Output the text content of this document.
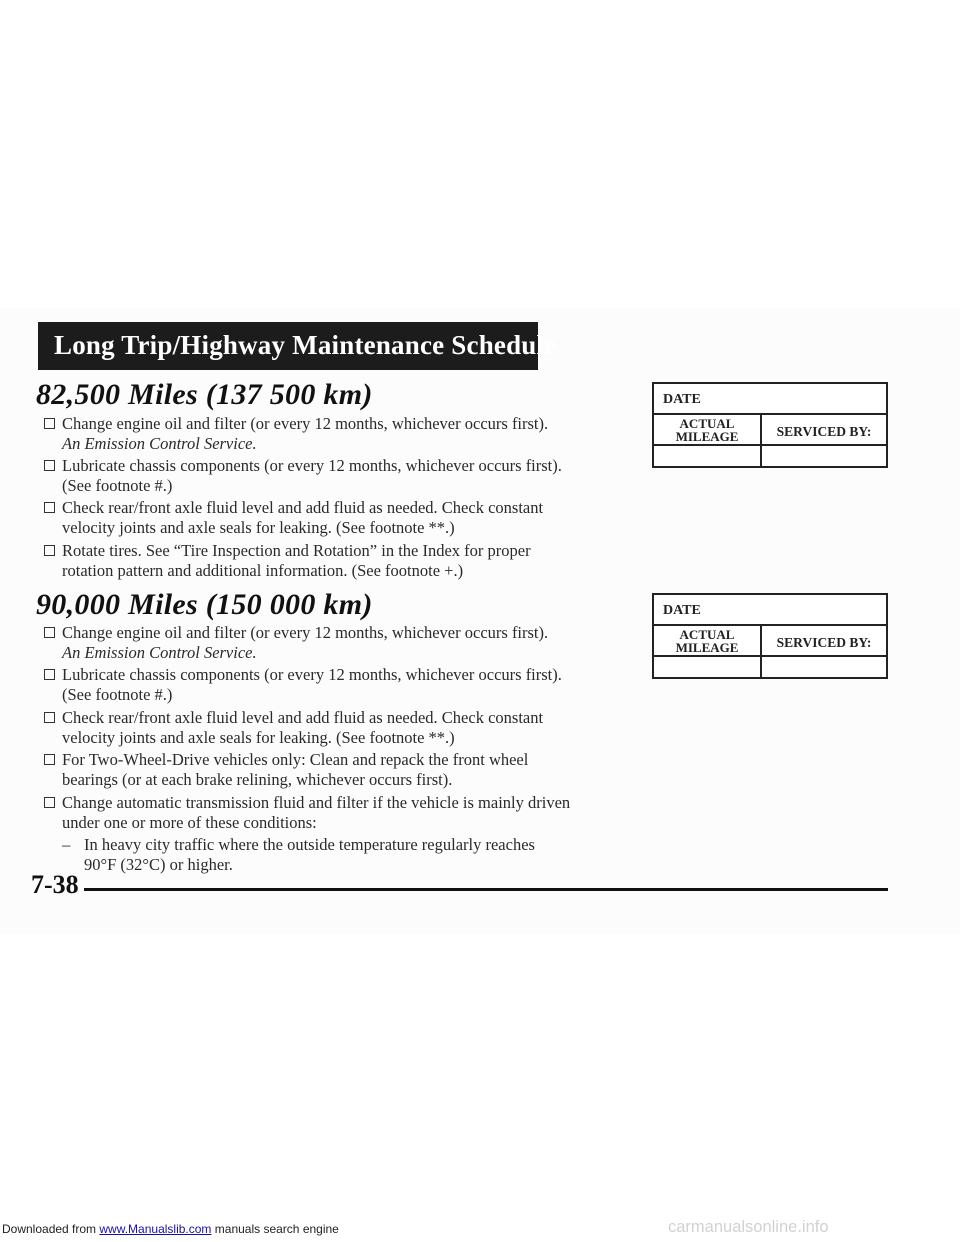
Long Trip/Highway Maintenance Schedule
82,500 Miles (137 500 km)
Change engine oil and filter (or every 12 months, whichever occurs first).
An Emission Control Service.
Lubricate chassis components (or every 12 months, whichever occurs first).
(See footnote #.)
Check rear/front axle fluid level and add fluid as needed. Check constant
velocity joints and axle seals for leaking. (See footnote **.)
Rotate tires. See “Tire Inspection and Rotation” in the Index for proper
rotation pattern and additional information. (See footnote +.)
DATE
ACTUAL
MILEAGE	SERVICED BY:
90,000 Miles (150 000 km)
Change engine oil and filter (or every 12 months, whichever occurs first).
An Emission Control Service.
Lubricate chassis components (or every 12 months, whichever occurs first).
(See footnote #.)
Check rear/front axle fluid level and add fluid as needed. Check constant
velocity joints and axle seals for leaking. (See footnote **.)
For Two-Wheel-Drive vehicles only: Clean and repack the front wheel
bearings (or at each brake relining, whichever occurs first).
Change automatic transmission fluid and filter if the vehicle is mainly driven
under one or more of these conditions:
– In heavy city traffic where the outside temperature regularly reaches
90°F (32°C) or higher.
DATE
ACTUAL
MILEAGE	SERVICED BY:
7-38
Downloaded from www.Manualslib.com manuals search engine	carmanualsonline.info
